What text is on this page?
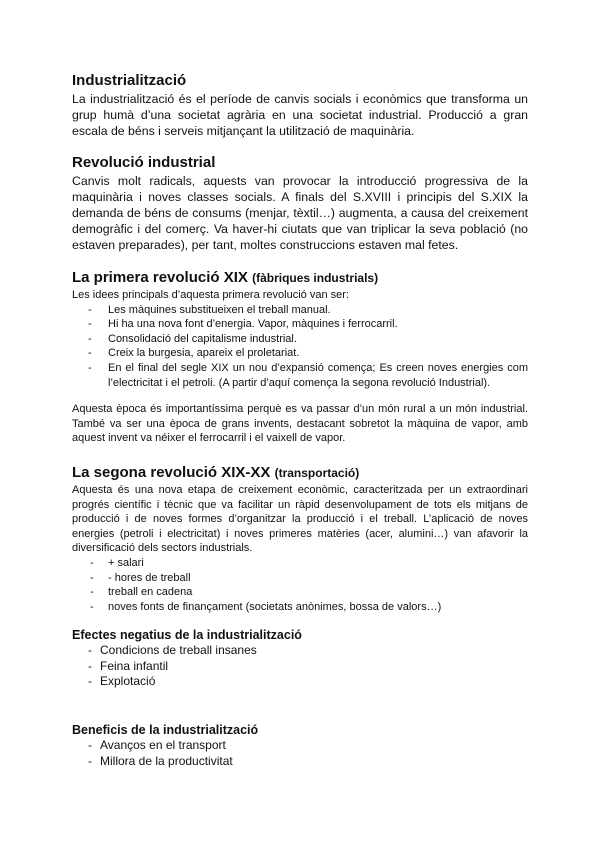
Industrialització

La industrialització és el període de canvis socials i econòmics que transforma un grup humà d’una societat agrària en una societat industrial. Producció a gran escala de béns i serveis mitjançant la utilització de maquinària.

Revolució industrial

Canvis molt radicals, aquests van provocar la introducció progressiva de la maquinària i noves classes socials. A finals del S.XVIII i principis del S.XIX la demanda de béns de consums (menjar, tèxtil…) augmenta, a causa del creixement demogràfic i del comerç. Va haver-hi ciutats que van triplicar la seva població (no estaven preparades), per tant, moltes construccions estaven mal fetes.

La primera revolució XIX (fàbriques industrials)

Les idees principals d’aquesta primera revolució van ser:

- Les màquines substitueixen el treball manual.
- Hi ha una nova font d’energia. Vapor, màquines i ferrocarril.
- Consolidació del capitalisme industrial.
- Creix la burgesia, apareix el proletariat.
- En el final del segle XIX un nou d’expansió comença; Es creen noves energies com l’electricitat i el petroli. (A partir d’aquí comença la segona revolució Industrial).

Aquesta època és importantíssima perquè es va passar d’un món rural a un món industrial. També va ser una època de grans invents, destacant sobretot la màquina de vapor, amb aquest invent va néixer el ferrocarril i el vaixell de vapor.

La segona revolució XIX-XX (transportació)

Aquesta és una nova etapa de creixement econòmic, caracteritzada per un extraordinari progrés científic i tècnic que va facilitar un ràpid desenvolupament de tots els mitjans de producció i de noves formes d’organitzar la producció i el treball. L’aplicació de noves energies (petroli i electricitat) i noves primeres matèries (acer, alumini…) van afavorir la diversificació dels sectors industrials.

- + salari
- - hores de treball
- treball en cadena
- noves fonts de finançament (societats anònimes, bossa de valors…)
Efectes negatius de la industrialització
- Condicions de treball insanes
- Feina infantil
- Explotació
Beneficis de la industrialització
- Avanços en el transport
- Millora de la productivitat
